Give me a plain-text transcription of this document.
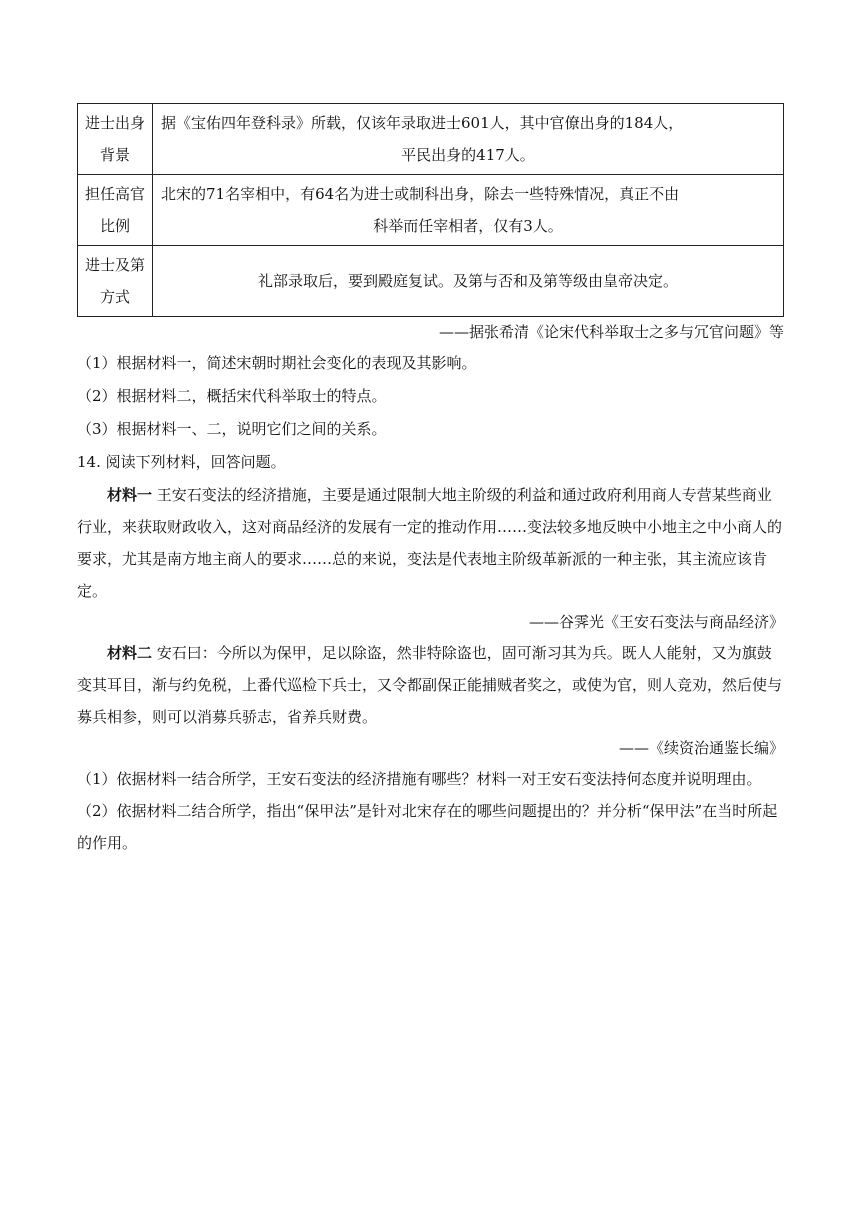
进士出身背景	据《宝佑四年登科录》所载，仅该年录取进士601人，其中官僚出身的184人，
平民出身的417人。
担任高官比例	北宋的71名宰相中，有64名为进士或制科出身，除去一些特殊情况，真正不由
科举而任宰相者，仅有3人。
进士及第方式	礼部录取后，要到殿庭复试。及第与否和及第等级由皇帝决定。
——据张希清《论宋代科举取士之多与冗官问题》等
（1）根据材料一，简述宋朝时期社会变化的表现及其影响。
（2）根据材料二，概括宋代科举取士的特点。
（3）根据材料一、二，说明它们之间的关系。
14. 阅读下列材料，回答问题。
材料一 王安石变法的经济措施，主要是通过限制大地主阶级的利益和通过政府利用商人专营某些商业行业，来获取财政收入，这对商品经济的发展有一定的推动作用……变法较多地反映中小地主之中小商人的要求，尤其是南方地主商人的要求……总的来说，变法是代表地主阶级革新派的一种主张，其主流应该肯定。
——谷霁光《王安石变法与商品经济》
材料二 安石曰：今所以为保甲，足以除盗，然非特除盗也，固可渐习其为兵。既人人能射，又为旗鼓变其耳目，渐与约免税，上番代巡检下兵士，又令都副保正能捕贼者奖之，或使为官，则人竞劝，然后使与募兵相参，则可以消募兵骄志，省养兵财费。
——《续资治通鉴长编》
（1）依据材料一结合所学，王安石变法的经济措施有哪些？材料一对王安石变法持何态度并说明理由。
（2）依据材料二结合所学，指出“保甲法”是针对北宋存在的哪些问题提出的？并分析“保甲法”在当时所起的作用。
